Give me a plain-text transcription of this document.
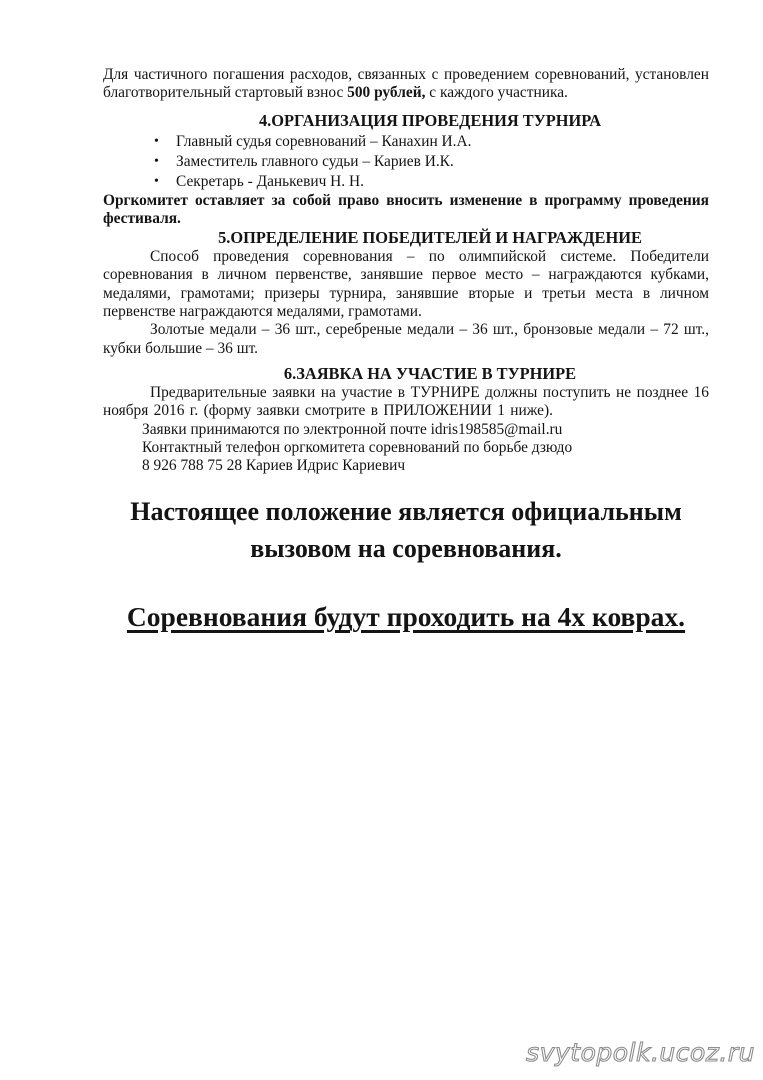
Для частичного погашения расходов, связанных с проведением соревнований, установлен благотворительный стартовый взнос 500 рублей, с каждого участника.

4.ОРГАНИЗАЦИЯ ПРОВЕДЕНИЯ ТУРНИРА

• Главный судья соревнований – Канахин И.А.
• Заместитель главного судьи – Кариев И.К.
• Секретарь - Данькевич Н. Н.

Оргкомитет оставляет за собой право вносить изменение в программу проведения фестиваля.

5.ОПРЕДЕЛЕНИЕ ПОБЕДИТЕЛЕЙ И НАГРАЖДЕНИЕ

Способ проведения соревнования – по олимпийской системе. Победители соревнования в личном первенстве, занявшие первое место – награждаются кубками, медалями, грамотами; призеры турнира, занявшие вторые и третьи места в личном первенстве награждаются медалями, грамотами.

Золотые медали – 36 шт., серебреные медали – 36 шт., бронзовые медали – 72 шт., кубки большие – 36 шт.

6.ЗАЯВКА НА УЧАСТИЕ В ТУРНИРЕ

Предварительные заявки на участие в ТУРНИРЕ должны поступить не позднее 16 ноября 2016 г. (форму заявки смотрите в ПРИЛОЖЕНИИ 1 ниже).

Заявки принимаются по электронной почте idris198585@mail.ru

Контактный телефон оргкомитета соревнований по борьбе дзюдо

8 926 788 75 28 Кариев Идрис Кариевич

Настоящее положение является официальным вызовом на соревнования.

Соревнования будут проходить на 4х коврах.

svytopolk.ucoz.ru
